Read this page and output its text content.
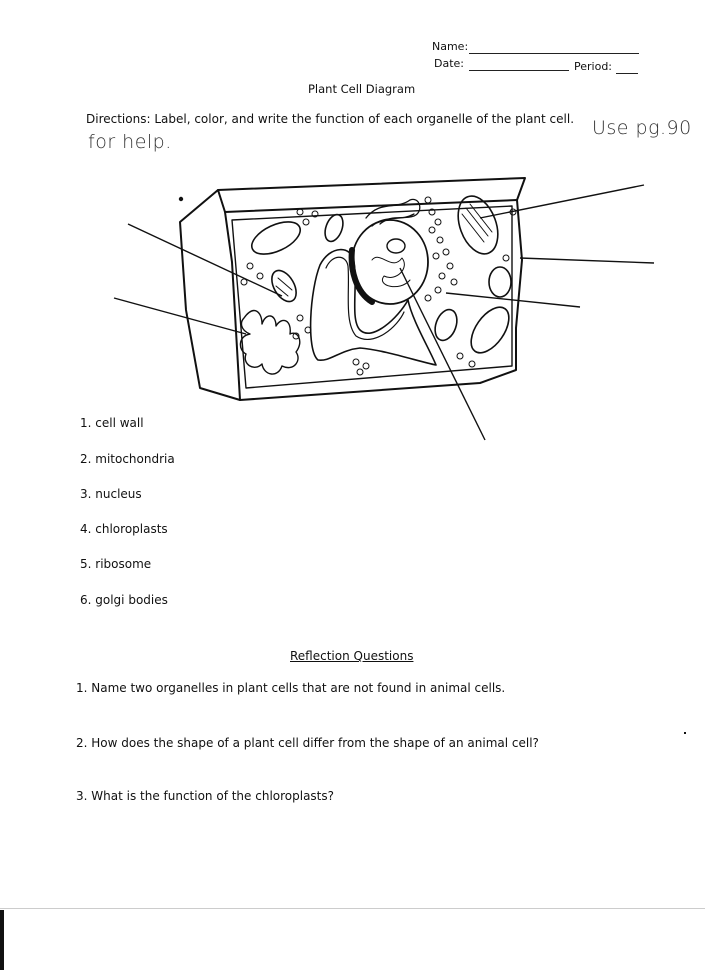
Name:
Date:	Period:
Plant Cell Diagram
Directions: Label, color, and write the function of each organelle of the plant cell. Use pg.90
for help.
1. cell wall
2. mitochondria
3. nucleus
4. chloroplasts
5. ribosome
6. golgi bodies
Reflection Questions
1. Name two organelles in plant cells that are not found in animal cells.
2. How does the shape of a plant cell differ from the shape of an animal cell?
3. What is the function of the chloroplasts?
